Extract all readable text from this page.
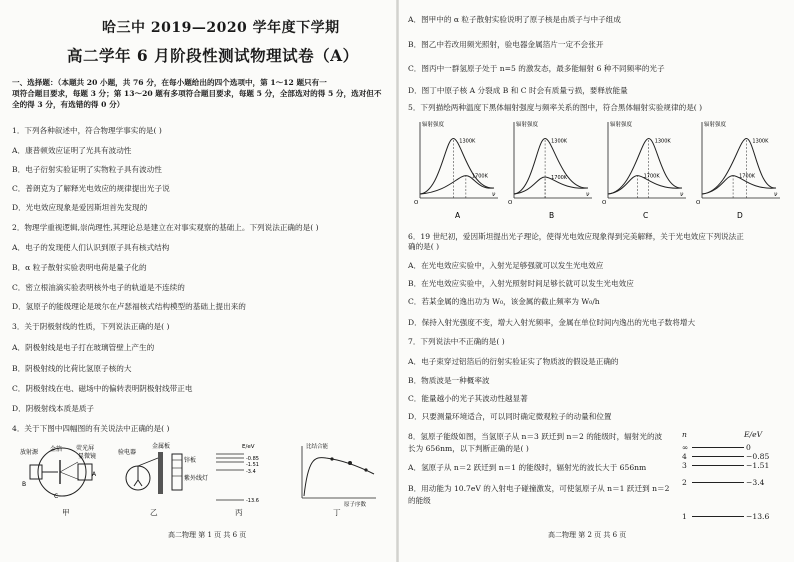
哈三中 2019—2020 学年度下学期
高二学年 6 月阶段性测试物理试卷（A）
一、选择题：（本题共 20 小题，共 76 分，在每小题给出的四个选项中，第 1～12 题只有一
项符合题目要求，每题 3 分；第 13～20 题有多项符合题目要求，每题 5 分，全部选对的得 5 分，选对但不
全的得 3 分，有选错的得 0 分）
1．下列各种叙述中，符合物理学事实的是( )
A．康普顿效应证明了光具有波动性
B．电子衍射实验证明了实物粒子具有波动性
C．普朗克为了解释光电效应的规律提出光子说
D．光电效应现象是爱因斯坦首先发现的
2．物理学重视逻辑,崇尚理性,其理论总是建立在对事实观察的基础上。下列说法正确的是( )
A．电子的发现使人们认识到原子具有核式结构
B．α 粒子散射实验表明电荷是量子化的
C．密立根油滴实验表明核外电子的轨道是不连续的
D．氢原子的能级理论是玻尔在卢瑟福核式结构模型的基础上提出来的
3．关于阴极射线的性质，下列说法正确的是( )
A．阴极射线是电子打在玻璃管壁上产生的
B．阴极射线的比荷比氢原子核的大
C．阴极射线在电、磁场中的偏转表明阴极射线带正电
D．阴极射线本质是质子
4．关于下图中四幅图的有关说法中正确的是( )
放射源 金箔 荧光屏
显微镜
A
B
C
甲
验电器
金属板
锌板
紫外线灯
乙
E/eV
-0.85
-1.51
-3.4
-13.6
丙
比结合能
原子序数
丁
高二物理 第 1 页 共 6 页
A．图甲中的 α 粒子散射实验说明了原子核是由质子与中子组成
B．图乙中若改用频光照射，验电器金属箔片一定不会张开
C．图丙中一群氢原子处于 n=5 的激发态，最多能辐射 6 种不同频率的光子
D．图丁中原子核 A 分裂成 B 和 C 时会有质量亏损，要释放能量
5．下列描绘两种温度下黑体辐射强度与频率关系的图中，符合黑体辐射实验规律的是( )
1300K
1700K
辐射强度
ν
O
A
1300K
1700K
辐射强度
ν
O
B
1300K
1700K
辐射强度
ν
O
C
1300K
1700K
辐射强度
ν
O
D
6．19 世纪初，爱因斯坦提出光子理论，使得光电效应现象得到完美解释，关于光电效应下列说法正
确的是( )
A．在光电效应实验中，入射光足够强就可以发生光电效应
B．在光电效应实验中，入射光照射时间足够长就可以发生光电效应
C．若某金属的逸出功为 W₀，该金属的截止频率为 W₀/h
D．保持入射光强度不变，增大入射光频率，金属在单位时间内逸出的光电子数将增大
7．下列说法中不正确的是( )
A．电子束穿过铝箔后的衍射实验证实了物质波的假设是正确的
B．物质波是一种概率波
C．能量越小的光子其波动性越显著
D．只要测量环境适合，可以同时确定微观粒子的动量和位置
8．氢原子能级如图，当氢原子从 n＝3 跃迁到 n＝2 的能级时，辐射光的波
长为 656nm，以下判断正确的是( )
A．氢原子从 n＝2 跃迁到 n＝1 的能级时，辐射光的波长大于 656nm
B．用动能为 10.7eV 的入射电子碰撞激发，可使氢原子从 n＝1 跃迁到 n＝2
的能级
n	E/eV
∞	0
4	−0.85
3	−1.51
2	−3.4
1	−13.6
高二物理 第 2 页 共 6 页
